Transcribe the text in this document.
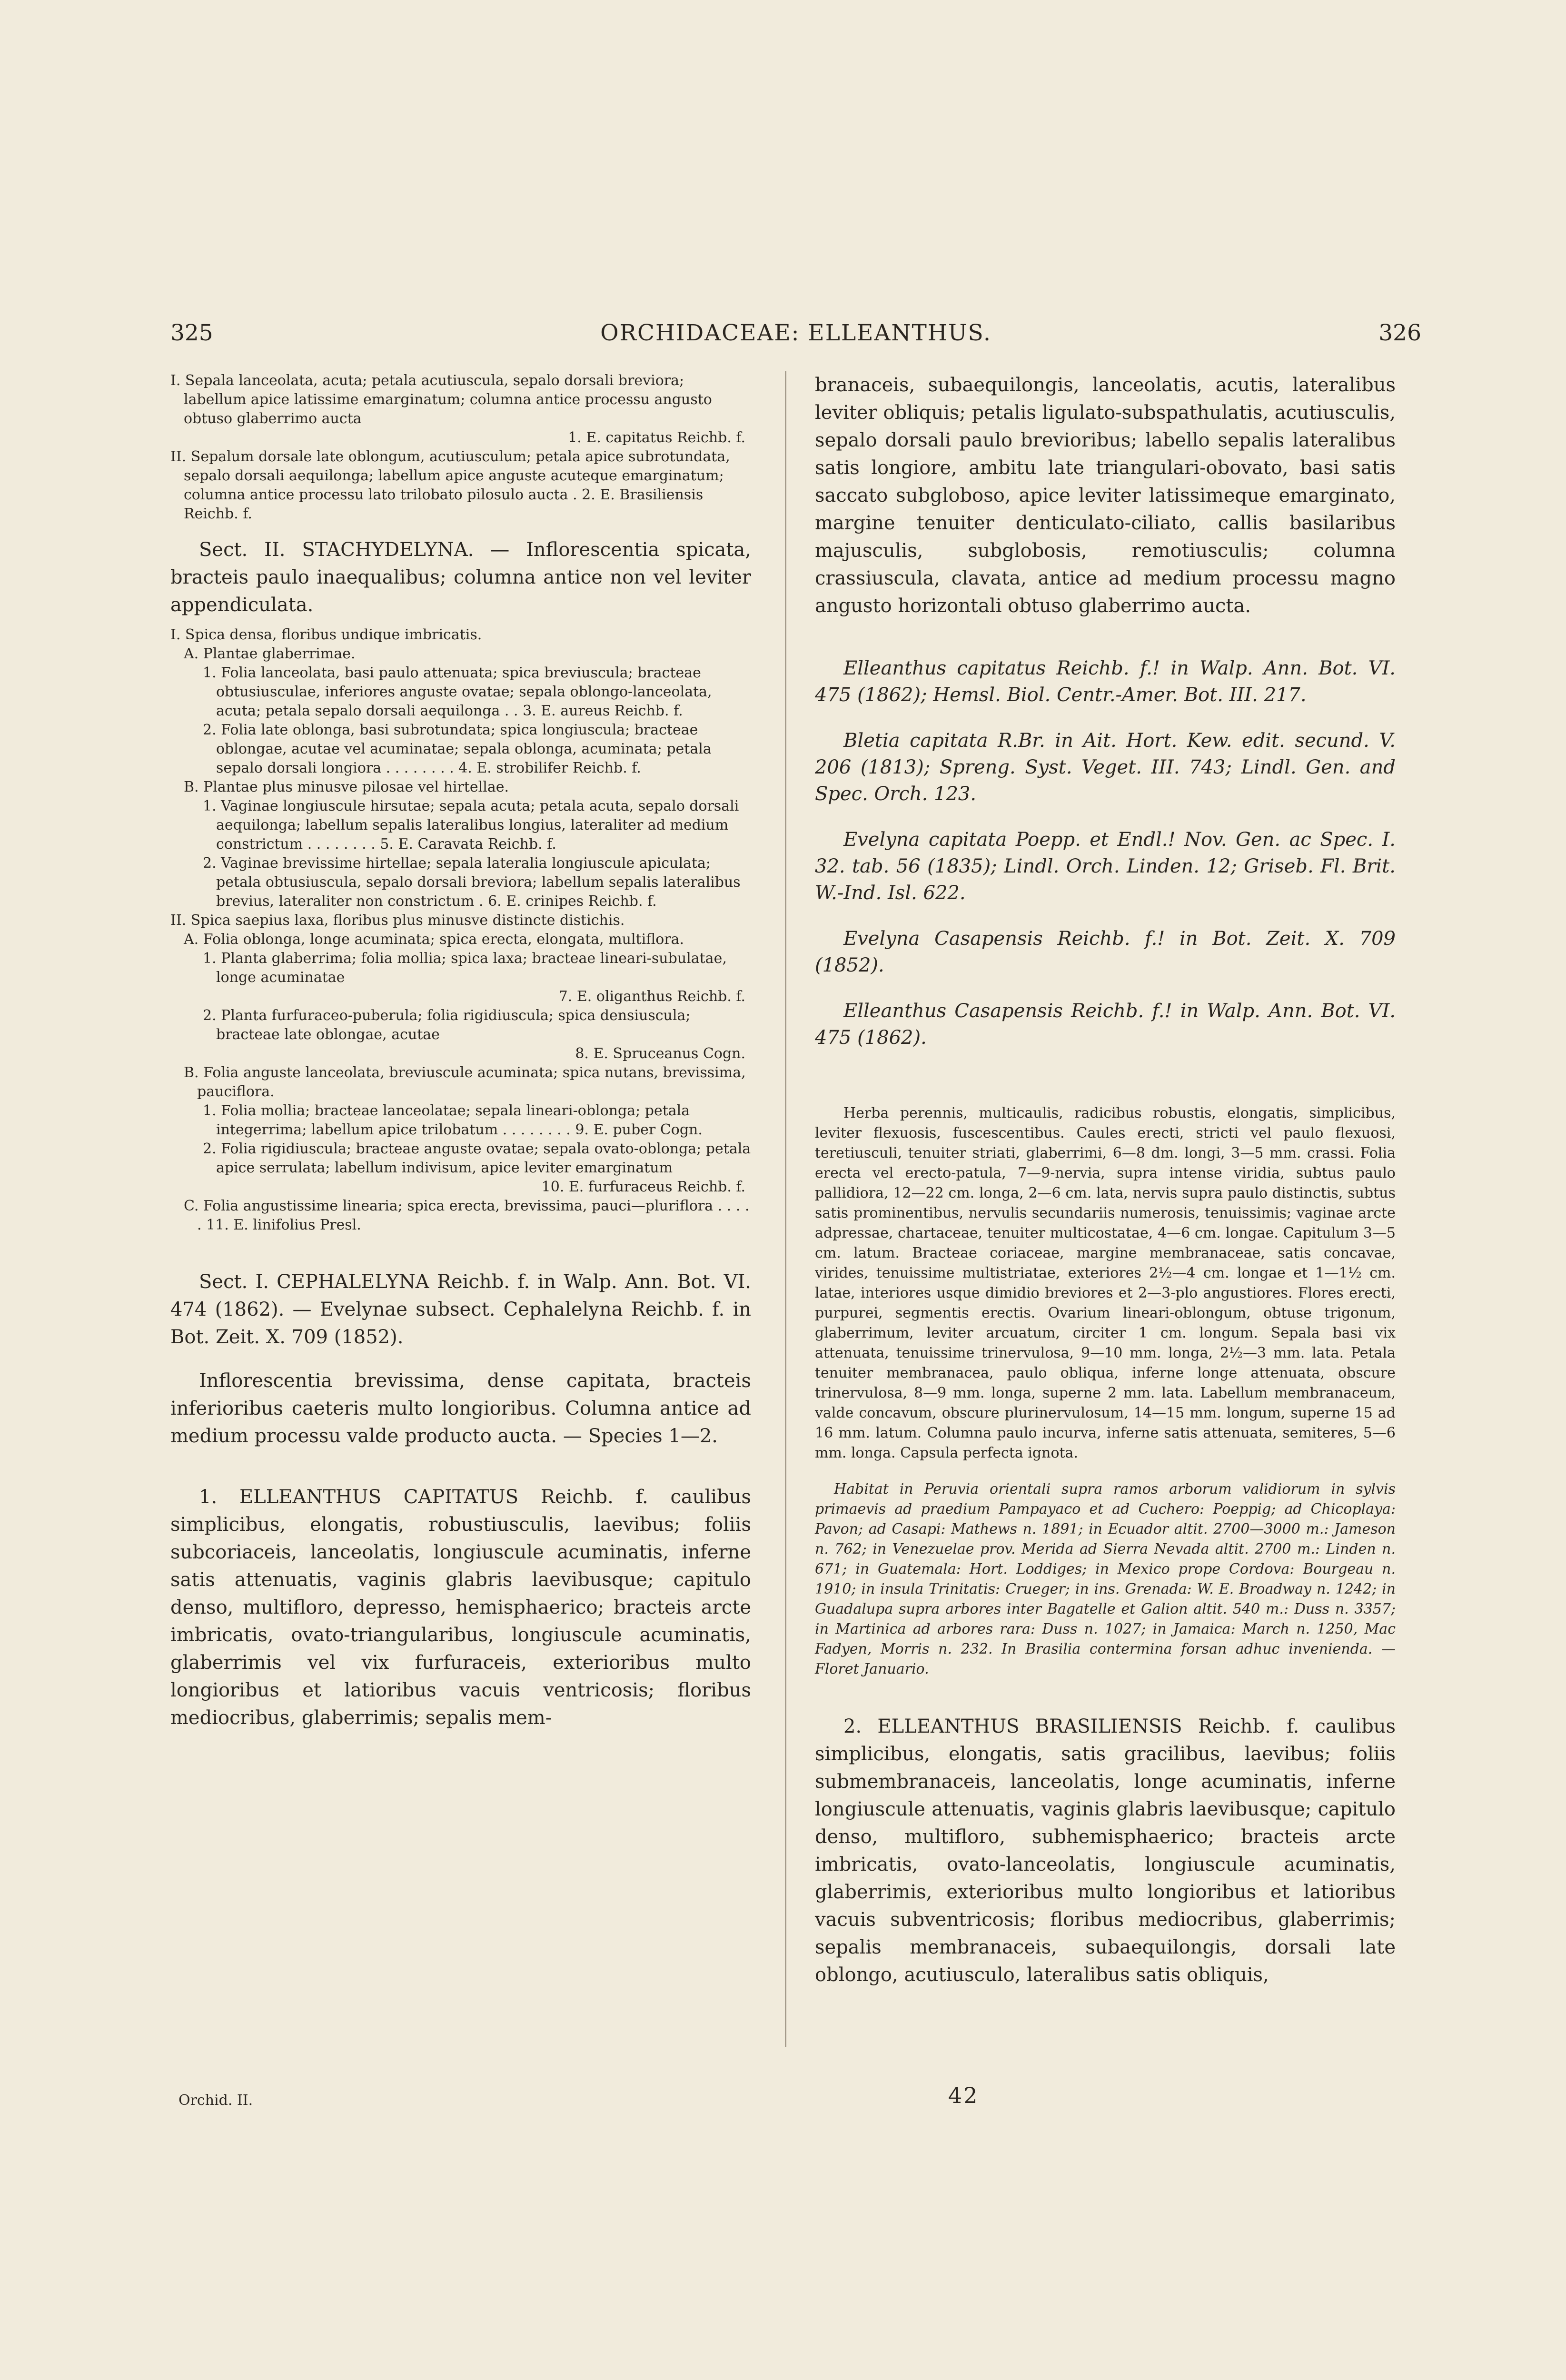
325	ORCHIDACEAE: ELLEANTHUS.	326

I. Sepala lanceolata, acuta; petala acutiuscula, sepalo dorsali breviora; labellum apice latissime emarginatum; columna antice processu angusto obtuso glaberrimo aucta

1. E. capitatus Reichb. f.

II. Sepalum dorsale late oblongum, acutiusculum; petala apice subrotundata, sepalo dorsali aequilonga; labellum apice anguste acuteque emarginatum; columna antice processu lato trilobato pilosulo aucta . 2. E. Brasiliensis Reichb. f.

Sect. II. STACHYDELYNA. — Inflorescentia spicata, bracteis paulo inaequalibus; columna antice non vel leviter appendiculata.

I. Spica densa, floribus undique imbricatis.

A. Plantae glaberrimae.

1. Folia lanceolata, basi paulo attenuata; spica breviuscula; bracteae obtusiusculae, inferiores anguste ovatae; sepala oblongo-lanceolata, acuta; petala sepalo dorsali aequilonga . . 3. E. aureus Reichb. f.

2. Folia late oblonga, basi subrotundata; spica longiuscula; bracteae oblongae, acutae vel acuminatae; sepala oblonga, acuminata; petala sepalo dorsali longiora . . . . . . . . 4. E. strobilifer Reichb. f.

B. Plantae plus minusve pilosae vel hirtellae.

1. Vaginae longiuscule hirsutae; sepala acuta; petala acuta, sepalo dorsali aequilonga; labellum sepalis lateralibus longius, lateraliter ad medium constrictum . . . . . . . . 5. E. Caravata Reichb. f.

2. Vaginae brevissime hirtellae; sepala lateralia longiuscule apiculata; petala obtusiuscula, sepalo dorsali breviora; labellum sepalis lateralibus brevius, lateraliter non constrictum . 6. E. crinipes Reichb. f.

II. Spica saepius laxa, floribus plus minusve distincte distichis.

A. Folia oblonga, longe acuminata; spica erecta, elongata, multiflora.

1. Planta glaberrima; folia mollia; spica laxa; bracteae lineari-subulatae, longe acuminatae

7. E. oliganthus Reichb. f.

2. Planta furfuraceo-puberula; folia rigidiuscula; spica densiuscula; bracteae late oblongae, acutae

8. E. Spruceanus Cogn.

B. Folia anguste lanceolata, breviuscule acuminata; spica nutans, brevissima, pauciflora.

1. Folia mollia; bracteae lanceolatae; sepala lineari-oblonga; petala integerrima; labellum apice trilobatum . . . . . . . . 9. E. puber Cogn.

2. Folia rigidiuscula; bracteae anguste ovatae; sepala ovato-oblonga; petala apice serrulata; labellum indivisum, apice leviter emarginatum

10. E. furfuraceus Reichb. f.

C. Folia angustissime linearia; spica erecta, brevissima, pauci—pluriflora . . . . . 11. E. linifolius Presl.

Sect. I. CEPHALELYNA Reichb. f. in Walp. Ann. Bot. VI. 474 (1862). — Evelynae subsect. Cephalelyna Reichb. f. in Bot. Zeit. X. 709 (1852).
Inflorescentia brevissima, dense capitata, bracteis inferioribus caeteris multo longioribus. Columna antice ad medium processu valde producto aucta. — Species 1—2.
1. ELLEANTHUS CAPITATUS Reichb. f. caulibus simplicibus, elongatis, robustiusculis, laevibus; foliis subcoriaceis, lanceolatis, longiuscule acuminatis, inferne satis attenuatis, vaginis glabris laevibusque; capitulo denso, multifloro, depresso, hemisphaerico; bracteis arcte imbricatis, ovato-triangularibus, longiuscule acuminatis, glaberrimis vel vix furfuraceis, exterioribus multo longioribus et latioribus vacuis ventricosis; floribus mediocribus, glaberrimis; sepalis mem-
branaceis, subaequilongis, lanceolatis, acutis, lateralibus leviter obliquis; petalis ligulato-subspathulatis, acutiusculis, sepalo dorsali paulo brevioribus; labello sepalis lateralibus satis longiore, ambitu late triangulari-obovato, basi satis saccato subgloboso, apice leviter latissimeque emarginato, margine tenuiter denticulato-ciliato, callis basilaribus majusculis, subglobosis, remotiusculis; columna crassiuscula, clavata, antice ad medium processu magno angusto horizontali obtuso glaberrimo aucta.

Elleanthus capitatus Reichb. f.! in Walp. Ann. Bot. VI. 475 (1862); Hemsl. Biol. Centr.-Amer. Bot. III. 217.

Bletia capitata R.Br. in Ait. Hort. Kew. edit. secund. V. 206 (1813); Spreng. Syst. Veget. III. 743; Lindl. Gen. and Spec. Orch. 123.

Evelyna capitata Poepp. et Endl.! Nov. Gen. ac Spec. I. 32. tab. 56 (1835); Lindl. Orch. Linden. 12; Griseb. Fl. Brit. W.-Ind. Isl. 622.

Evelyna Casapensis Reichb. f.! in Bot. Zeit. X. 709 (1852).

Elleanthus Casapensis Reichb. f.! in Walp. Ann. Bot. VI. 475 (1862).

Herba perennis, multicaulis, radicibus robustis, elongatis, simplicibus, leviter flexuosis, fuscescentibus. Caules erecti, stricti vel paulo flexuosi, teretiusculi, tenuiter striati, glaberrimi, 6—8 dm. longi, 3—5 mm. crassi. Folia erecta vel erecto-patula, 7—9-nervia, supra intense viridia, subtus paulo pallidiora, 12—22 cm. longa, 2—6 cm. lata, nervis supra paulo distinctis, subtus satis prominentibus, nervulis secundariis numerosis, tenuissimis; vaginae arcte adpressae, chartaceae, tenuiter multicostatae, 4—6 cm. longae. Capitulum 3—5 cm. latum. Bracteae coriaceae, margine membranaceae, satis concavae, virides, tenuissime multistriatae, exteriores 2½—4 cm. longae et 1—1½ cm. latae, interiores usque dimidio breviores et 2—3-plo angustiores. Flores erecti, purpurei, segmentis erectis. Ovarium lineari-oblongum, obtuse trigonum, glaberrimum, leviter arcuatum, circiter 1 cm. longum. Sepala basi vix attenuata, tenuissime trinervulosa, 9—10 mm. longa, 2½—3 mm. lata. Petala tenuiter membranacea, paulo obliqua, inferne longe attenuata, obscure trinervulosa, 8—9 mm. longa, superne 2 mm. lata. Labellum membranaceum, valde concavum, obscure plurinervulosum, 14—15 mm. longum, superne 15 ad 16 mm. latum. Columna paulo incurva, inferne satis attenuata, semiteres, 5—6 mm. longa. Capsula perfecta ignota.
Habitat in Peruvia orientali supra ramos arborum validiorum in sylvis primaevis ad praedium Pampayaco et ad Cuchero: Poeppig; ad Chicoplaya: Pavon; ad Casapi: Mathews n. 1891; in Ecuador altit. 2700—3000 m.: Jameson n. 762; in Venezuelae prov. Merida ad Sierra Nevada altit. 2700 m.: Linden n. 671; in Guatemala: Hort. Loddiges; in Mexico prope Cordova: Bourgeau n. 1910; in insula Trinitatis: Crueger; in ins. Grenada: W. E. Broadway n. 1242; in Guadalupa supra arbores inter Bagatelle et Galion altit. 540 m.: Duss n. 3357; in Martinica ad arbores rara: Duss n. 1027; in Jamaica: March n. 1250, Mac Fadyen, Morris n. 232. In Brasilia contermina forsan adhuc invenienda. — Floret Januario.
2. ELLEANTHUS BRASILIENSIS Reichb. f. caulibus simplicibus, elongatis, satis gracilibus, laevibus; foliis submembranaceis, lanceolatis, longe acuminatis, inferne longiuscule attenuatis, vaginis glabris laevibusque; capitulo denso, multifloro, subhemisphaerico; bracteis arcte imbricatis, ovato-lanceolatis, longiuscule acuminatis, glaberrimis, exterioribus multo longioribus et latioribus vacuis subventricosis; floribus mediocribus, glaberrimis; sepalis membranaceis, subaequilongis, dorsali late oblongo, acutiusculo, lateralibus satis obliquis,
Orchid. II.	42
